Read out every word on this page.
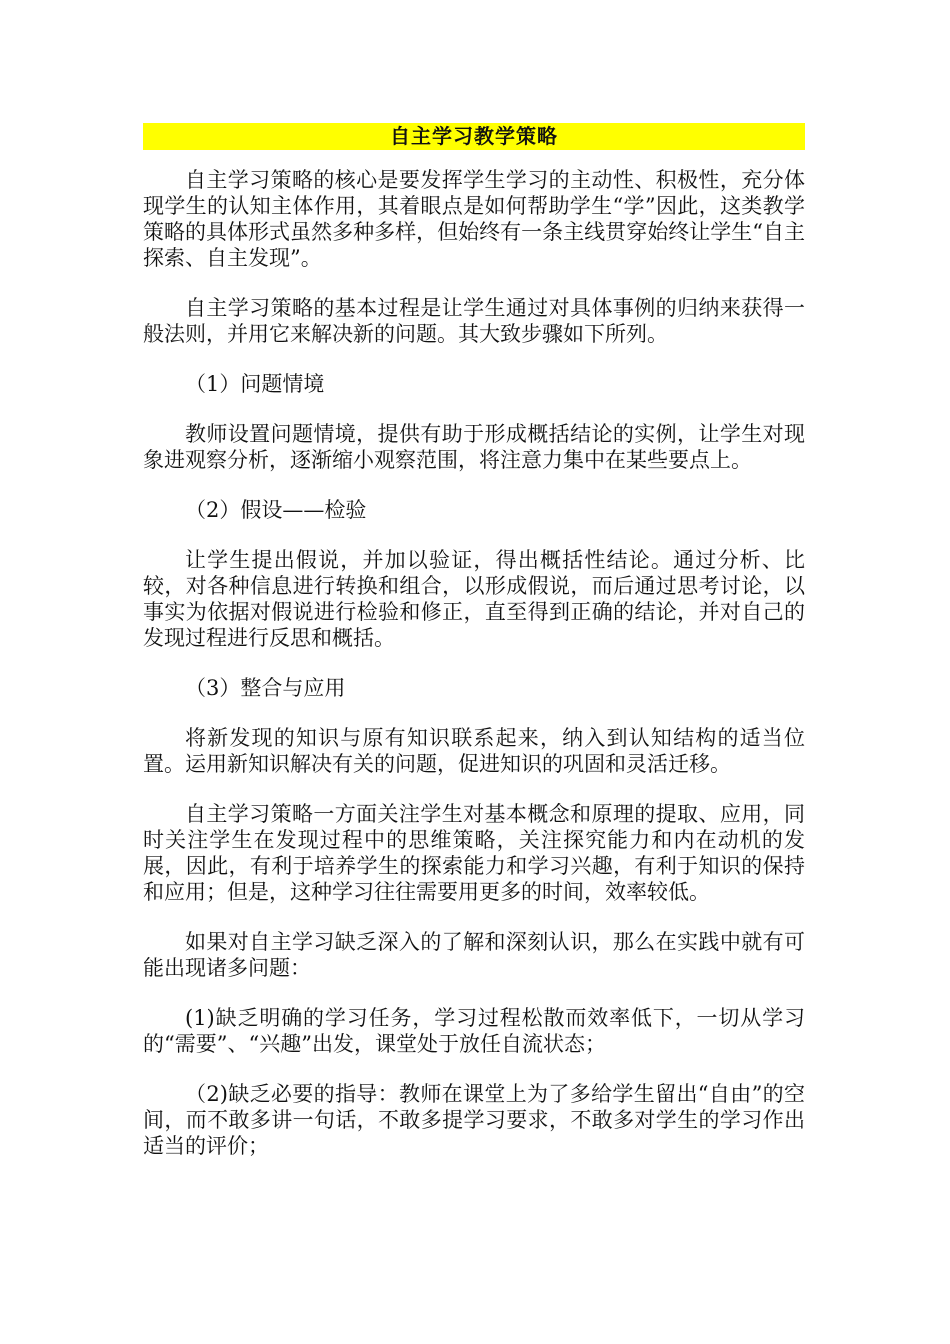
自主学习教学策略

自主学习策略的核心是要发挥学生学习的主动性、积极性，充分体现学生的认知主体作用，其着眼点是如何帮助学生“学”因此，这类教学策略的具体形式虽然多种多样，但始终有一条主线贯穿始终让学生“自主探索、自主发现”。

自主学习策略的基本过程是让学生通过对具体事例的归纳来获得一般法则，并用它来解决新的问题。其大致步骤如下所列。

（1）问题情境

教师设置问题情境，提供有助于形成概括结论的实例，让学生对现象进观察分析，逐渐缩小观察范围，将注意力集中在某些要点上。

（2）假设——检验

让学生提出假说，并加以验证，得出概括性结论。通过分析、比较，对各种信息进行转换和组合，以形成假说，而后通过思考讨论，以事实为依据对假说进行检验和修正，直至得到正确的结论，并对自己的发现过程进行反思和概括。

（3）整合与应用

将新发现的知识与原有知识联系起来，纳入到认知结构的适当位置。运用新知识解决有关的问题，促进知识的巩固和灵活迁移。

自主学习策略一方面关注学生对基本概念和原理的提取、应用，同时关注学生在发现过程中的思维策略，关注探究能力和内在动机的发展，因此，有利于培养学生的探索能力和学习兴趣，有利于知识的保持和应用；但是，这种学习往往需要用更多的时间，效率较低。

如果对自主学习缺乏深入的了解和深刻认识，那么在实践中就有可能出现诸多问题：

(1)缺乏明确的学习任务，学习过程松散而效率低下，一切从学习的“需要”、“兴趣”出发，课堂处于放任自流状态；

（2)缺乏必要的指导：教师在课堂上为了多给学生留出“自由”的空间，而不敢多讲一句话，不敢多提学习要求，不敢多对学生的学习作出适当的评价；
